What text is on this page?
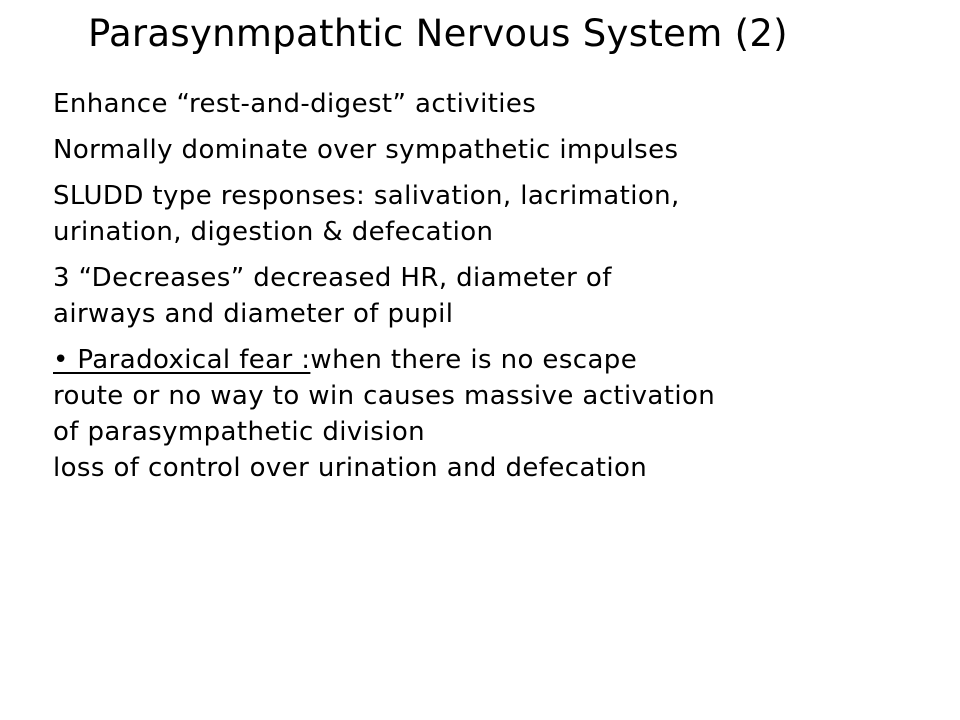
Parasynmpathtic Nervous System (2)
Enhance “rest-and-digest” activities
Normally dominate over sympathetic impulses
SLUDD type responses: salivation, lacrimation,
urination, digestion & defecation
3 “Decreases” decreased HR, diameter of
airways and diameter of pupil
• Paradoxical fear :when there is no escape
route or no way to win causes massive activation
of parasympathetic division
loss of control over urination and defecation
